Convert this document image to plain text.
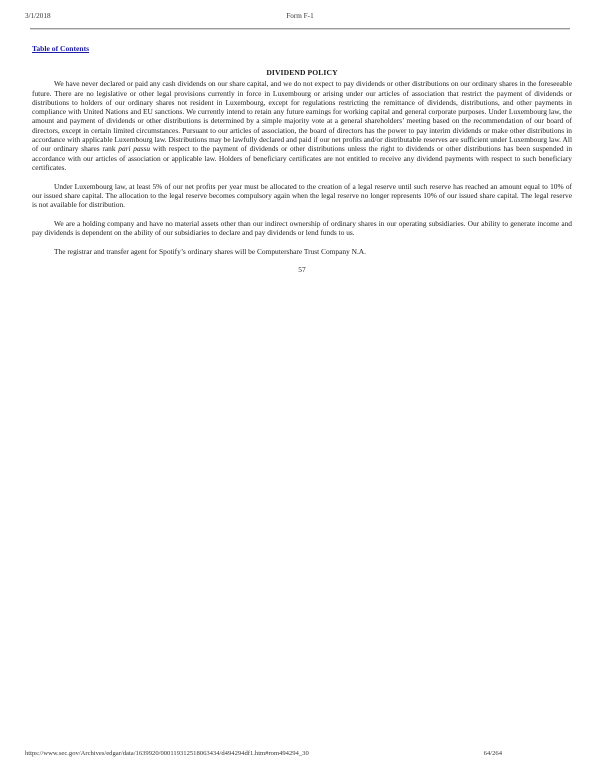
3/1/2018	Form F-1
Table of Contents
DIVIDEND POLICY

We have never declared or paid any cash dividends on our share capital, and we do not expect to pay dividends or other distributions on our ordinary shares in the foreseeable future. There are no legislative or other legal provisions currently in force in Luxembourg or arising under our articles of association that restrict the payment of dividends or distributions to holders of our ordinary shares not resident in Luxembourg, except for regulations restricting the remittance of dividends, distributions, and other payments in compliance with United Nations and EU sanctions. We currently intend to retain any future earnings for working capital and general corporate purposes. Under Luxembourg law, the amount and payment of dividends or other distributions is determined by a simple majority vote at a general shareholders’ meeting based on the recommendation of our board of directors, except in certain limited circumstances. Pursuant to our articles of association, the board of directors has the power to pay interim dividends or make other distributions in accordance with applicable Luxembourg law. Distributions may be lawfully declared and paid if our net profits and/or distributable reserves are sufficient under Luxembourg law. All of our ordinary shares rank pari passu with respect to the payment of dividends or other distributions unless the right to dividends or other distributions has been suspended in accordance with our articles of association or applicable law. Holders of beneficiary certificates are not entitled to receive any dividend payments with respect to such beneficiary certificates.

Under Luxembourg law, at least 5% of our net profits per year must be allocated to the creation of a legal reserve until such reserve has reached an amount equal to 10% of our issued share capital. The allocation to the legal reserve becomes compulsory again when the legal reserve no longer represents 10% of our issued share capital. The legal reserve is not available for distribution.

We are a holding company and have no material assets other than our indirect ownership of ordinary shares in our operating subsidiaries. Our ability to generate income and pay dividends is dependent on the ability of our subsidiaries to declare and pay dividends or lend funds to us.

The registrar and transfer agent for Spotify’s ordinary shares will be Computershare Trust Company N.A.

57
https://www.sec.gov/Archives/edgar/data/1639920/000119312518063434/d494294df1.htm#rom494294_30	64/264
